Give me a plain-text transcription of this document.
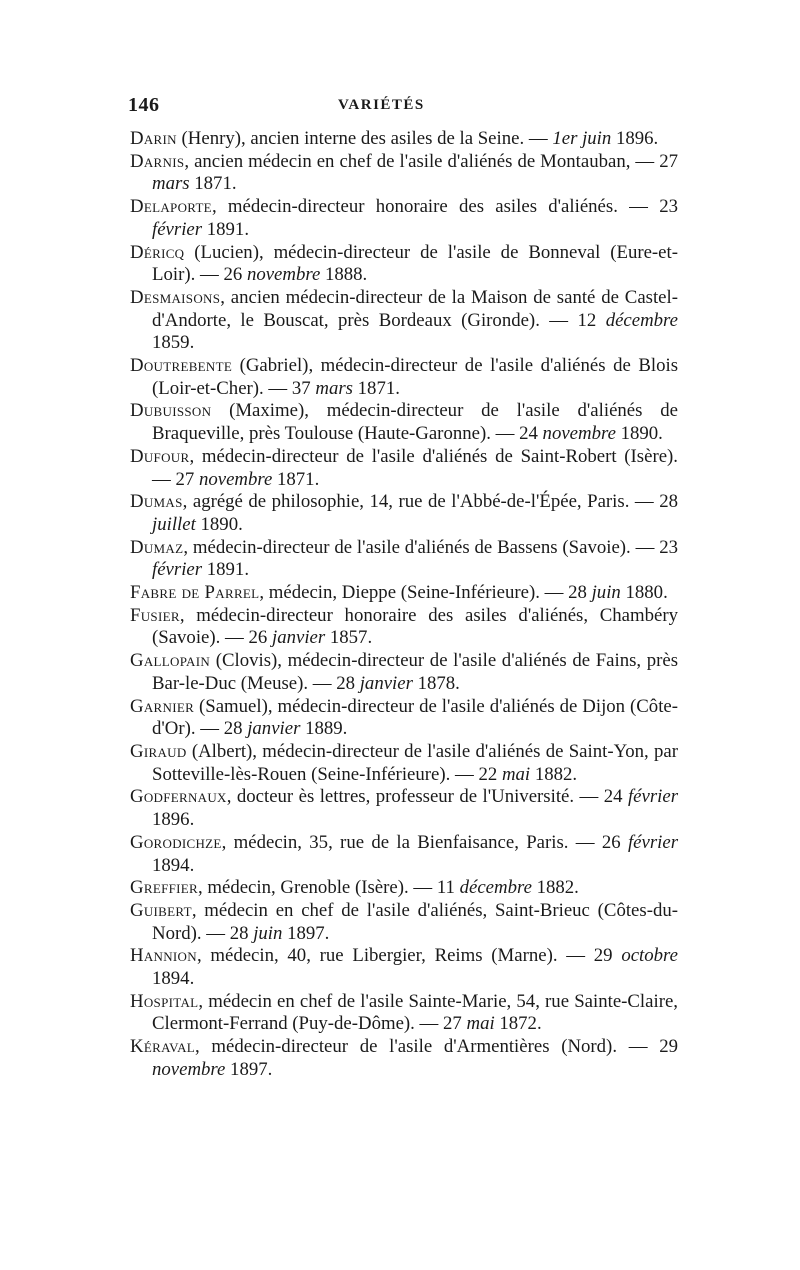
146	VARIÉTÉS

Darin (Henry), ancien interne des asiles de la Seine. — 1er juin 1896.

Darnis, ancien médecin en chef de l'asile d'aliénés de Montauban, — 27 mars 1871.

Delaporte, médecin-directeur honoraire des asiles d'aliénés. — 23 février 1891.

Déricq (Lucien), médecin-directeur de l'asile de Bonneval (Eure-et-Loir). — 26 novembre 1888.

Desmaisons, ancien médecin-directeur de la Maison de santé de Castel-d'Andorte, le Bouscat, près Bordeaux (Gironde). — 12 décembre 1859.

Doutrebente (Gabriel), médecin-directeur de l'asile d'aliénés de Blois (Loir-et-Cher). — 37 mars 1871.

Dubuisson (Maxime), médecin-directeur de l'asile d'aliénés de Braqueville, près Toulouse (Haute-Garonne). — 24 novembre 1890.

Dufour, médecin-directeur de l'asile d'aliénés de Saint-Robert (Isère). — 27 novembre 1871.

Dumas, agrégé de philosophie, 14, rue de l'Abbé-de-l'Épée, Paris. — 28 juillet 1890.

Dumaz, médecin-directeur de l'asile d'aliénés de Bassens (Savoie). — 23 février 1891.

Fabre de Parrel, médecin, Dieppe (Seine-Inférieure). — 28 juin 1880.

Fusier, médecin-directeur honoraire des asiles d'aliénés, Chambéry (Savoie). — 26 janvier 1857.

Gallopain (Clovis), médecin-directeur de l'asile d'aliénés de Fains, près Bar-le-Duc (Meuse). — 28 janvier 1878.

Garnier (Samuel), médecin-directeur de l'asile d'aliénés de Dijon (Côte-d'Or). — 28 janvier 1889.

Giraud (Albert), médecin-directeur de l'asile d'aliénés de Saint-Yon, par Sotteville-lès-Rouen (Seine-Inférieure). — 22 mai 1882.

Godfernaux, docteur ès lettres, professeur de l'Université. — 24 février 1896.

Gorodichze, médecin, 35, rue de la Bienfaisance, Paris. — 26 février 1894.

Greffier, médecin, Grenoble (Isère). — 11 décembre 1882.

Guibert, médecin en chef de l'asile d'aliénés, Saint-Brieuc (Côtes-du-Nord). — 28 juin 1897.

Hannion, médecin, 40, rue Libergier, Reims (Marne). — 29 octobre 1894.

Hospital, médecin en chef de l'asile Sainte-Marie, 54, rue Sainte-Claire, Clermont-Ferrand (Puy-de-Dôme). — 27 mai 1872.

Kéraval, médecin-directeur de l'asile d'Armentières (Nord). — 29 novembre 1897.
